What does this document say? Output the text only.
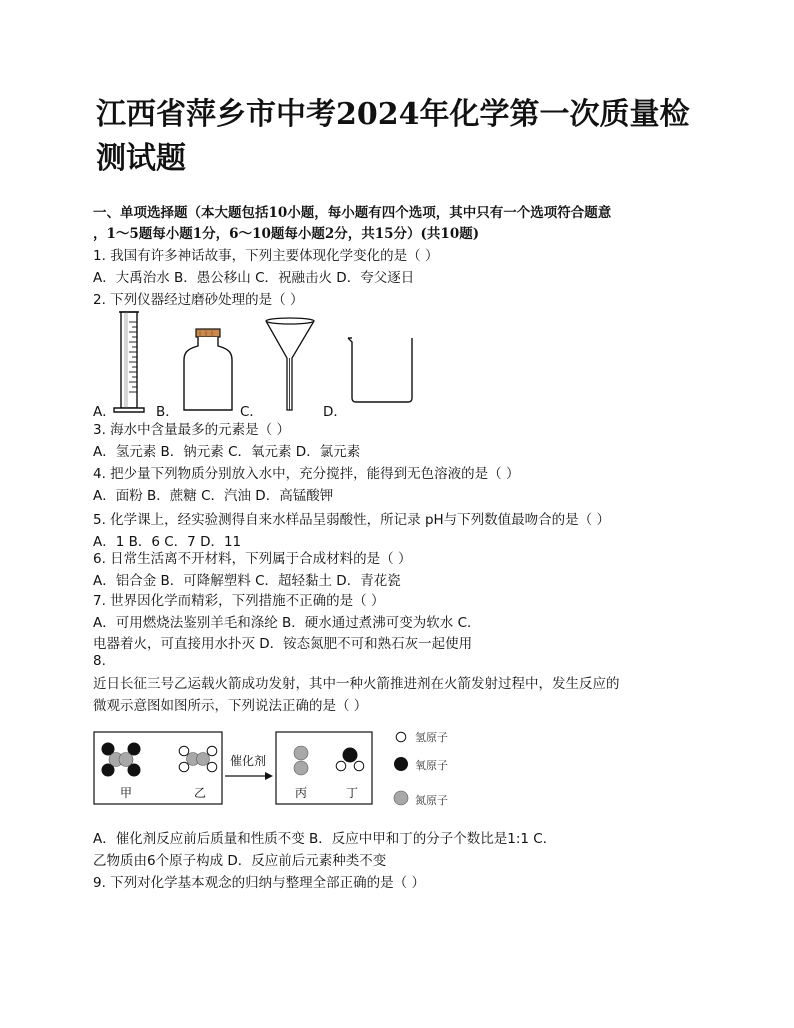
江西省萍乡市中考2024年化学第一次质量检
测试题
一、单项选择题（本大题包括10小题，每小题有四个选项，其中只有一个选项符合题意
，1～5题每小题1分，6～10题每小题2分，共15分）(共10题)
1. 我国有许多神话故事，下列主要体现化学变化的是（ ）
A．大禹治水 B．愚公移山 C．祝融击火 D．夸父逐日
2. 下列仪器经过磨砂处理的是（ ）
A．	B．	C．	D．
3. 海水中含量最多的元素是（ ）
A．氢元素 B．钠元素 C．氧元素 D．氯元素
4. 把少量下列物质分别放入水中，充分搅拌，能得到无色溶液的是（ ）
A．面粉 B．蔗糖 C．汽油 D．高锰酸钾
5. 化学课上，经实验测得自来水样品呈弱酸性，所记录 pH与下列数值最吻合的是（ ）
A．1 B．6 C．7 D．11
6. 日常生活离不开材料，下列属于合成材料的是（ ）
A．铝合金 B．可降解塑料 C．超轻黏土 D．青花瓷
7. 世界因化学而精彩，下列措施不正确的是（ ）
A．可用燃烧法鉴别羊毛和涤纶 B．硬水通过煮沸可变为软水 C．
电器着火，可直接用水扑灭 D．铵态氮肥不可和熟石灰一起使用
8.
近日长征三号乙运载火箭成功发射，其中一种火箭推进剂在火箭发射过程中，发生反应的
微观示意图如图所示，下列说法正确的是（ ）
甲	乙
催化剂
丙	丁
氢原子
氧原子
氮原子
A．催化剂反应前后质量和性质不变 B．反应中甲和丁的分子个数比是1:1 C．
乙物质由6个原子构成 D．反应前后元素种类不变
9. 下列对化学基本观念的归纳与整理全部正确的是（ ）
